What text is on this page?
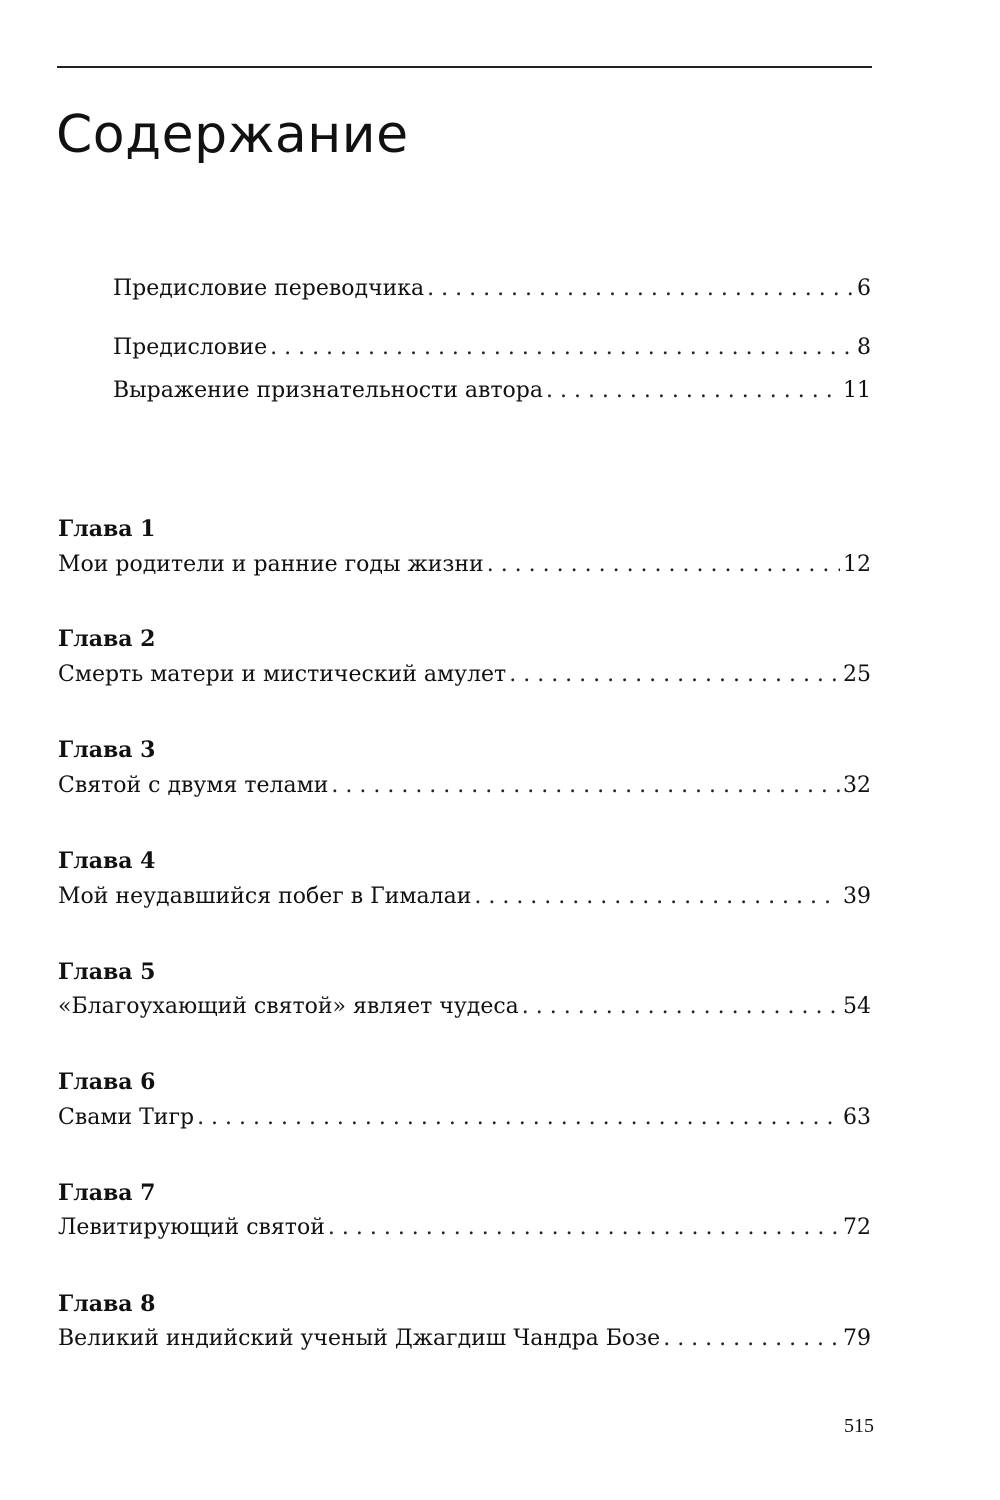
Содержание
Предисловие переводчика . . .	6
Предисловие . . .	8
Выражение признательности автора . . .	11
Глава 1
Мои родители и ранние годы жизни . . .	12
Глава 2
Смерть матери и мистический амулет . . .	25
Глава 3
Святой с двумя телами . . .	32
Глава 4
Мой неудавшийся побег в Гималаи . . .	39
Глава 5
«Благоухающий святой» являет чудеса . . .	54
Глава 6
Свами Тигр . . .	63
Глава 7
Левитирующий святой . . .	72
Глава 8
Великий индийский ученый Джагдиш Чандра Бозе . . .	79
515
